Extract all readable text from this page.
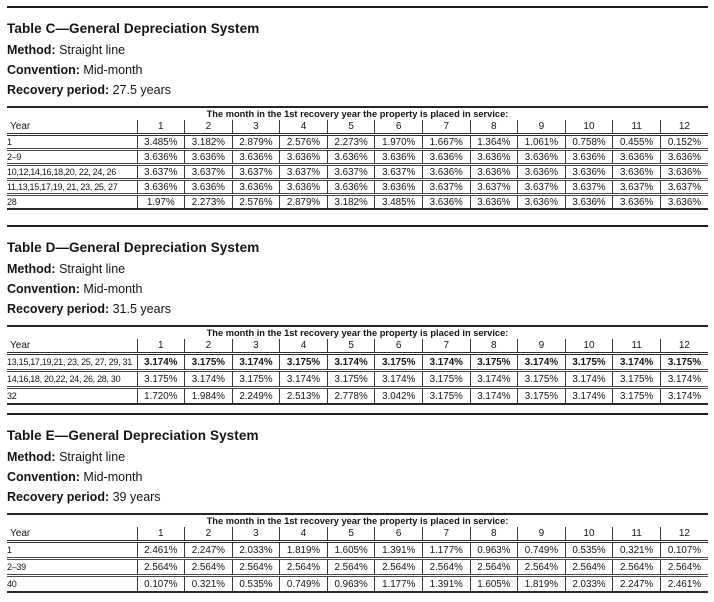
Table C—General Depreciation System

Method: Straight line

Convention: Mid-month

Recovery period: 27.5 years

The month in the 1st recovery year the property is placed in service:												
Year	1	2	3	4	5	6	7	8	9	10	11	12
1	3.485%	3.182%	2.879%	2.576%	2.273%	1.970%	1.667%	1.364%	1.061%	0.758%	0.455%	0.152%
2–9	3.636%	3.636%	3.636%	3.636%	3.636%	3.636%	3.636%	3.636%	3.636%	3.636%	3.636%	3.636%
10,12,14,16,18,20, 22, 24, 26	3.637%	3.637%	3.637%	3.637%	3.637%	3.637%	3.636%	3.636%	3.636%	3.636%	3.636%	3.636%
11,13,15,17,19, 21, 23, 25, 27	3.636%	3.636%	3.636%	3.636%	3.636%	3.636%	3.637%	3.637%	3.637%	3.637%	3.637%	3.637%
28	1.97%	2.273%	2.576%	2.879%	3.182%	3.485%	3.636%	3.636%	3.636%	3.636%	3.636%	3.636%
Table D—General Depreciation System

Method: Straight line

Convention: Mid-month

Recovery period: 31.5 years

The month in the 1st recovery year the property is placed in service:												
Year	1	2	3	4	5	6	7	8	9	10	11	12
13,15,17,19,21, 23, 25, 27, 29, 31	3.174%	3.175%	3.174%	3.175%	3.174%	3.175%	3.174%	3.175%	3.174%	3.175%	3.174%	3.175%
14,16,18, 20,22, 24, 26, 28, 30	3.175%	3.174%	3.175%	3.174%	3.175%	3.174%	3.175%	3.174%	3.175%	3.174%	3.175%	3.174%
32	1.720%	1.984%	2.249%	2.513%	2.778%	3.042%	3.175%	3.174%	3.175%	3.174%	3.175%	3.174%
Table E—General Depreciation System

Method: Straight line

Convention: Mid-month

Recovery period: 39 years

The month in the 1st recovery year the property is placed in service:												
Year	1	2	3	4	5	6	7	8	9	10	11	12
1	2.461%	2.247%	2.033%	1.819%	1.605%	1.391%	1.177%	0.963%	0.749%	0.535%	0.321%	0.107%
2–39	2.564%	2.564%	2.564%	2.564%	2.564%	2.564%	2.564%	2.564%	2.564%	2.564%	2.564%	2.564%
40	0.107%	0.321%	0.535%	0.749%	0.963%	1.177%	1.391%	1.605%	1.819%	2.033%	2.247%	2.461%
